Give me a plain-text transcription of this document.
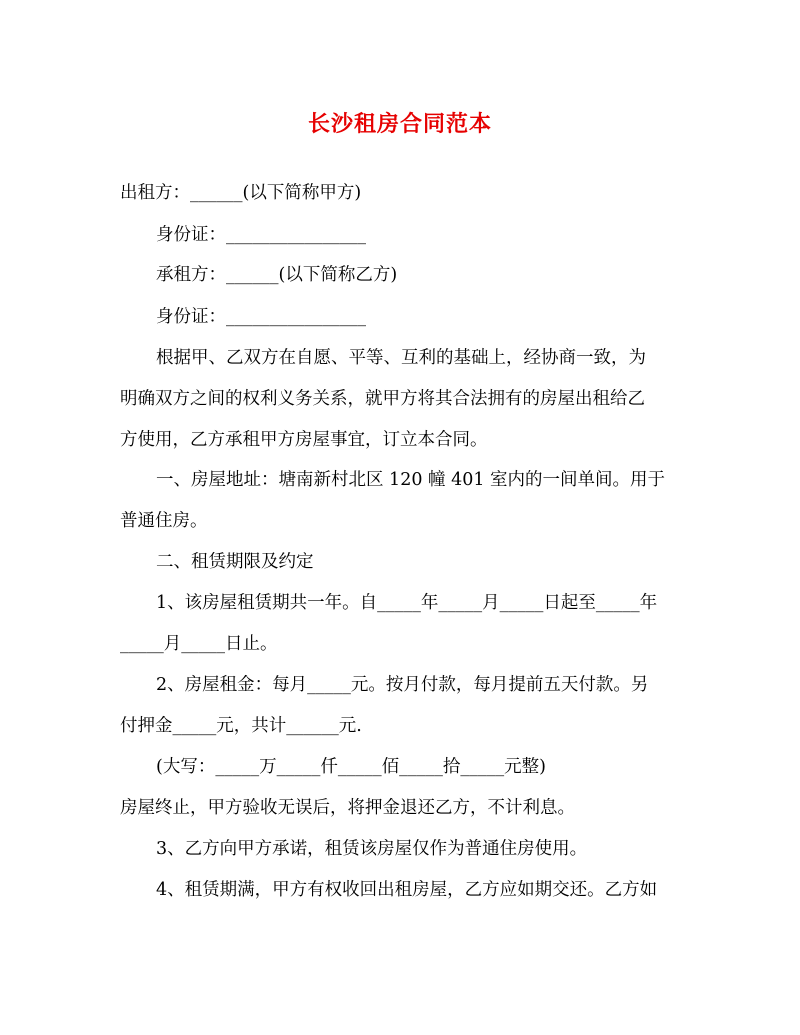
长沙租房合同范本
出租方：______(以下简称甲方)
身份证：________________
承租方：______(以下简称乙方)
身份证：________________
根据甲、乙双方在自愿、平等、互利的基础上，经协商一致，为
明确双方之间的权利义务关系，就甲方将其合法拥有的房屋出租给乙
方使用，乙方承租甲方房屋事宜，订立本合同。
一、房屋地址：塘南新村北区 120 幢 401 室内的一间单间。用于
普通住房。
二、租赁期限及约定
1、该房屋租赁期共一年。自_____年_____月_____日起至_____年
_____月_____日止。
2、房屋租金：每月_____元。按月付款，每月提前五天付款。另
付押金_____元，共计______元.
(大写：_____万_____仟_____佰_____拾_____元整)
房屋终止，甲方验收无误后，将押金退还乙方，不计利息。
3、乙方向甲方承诺，租赁该房屋仅作为普通住房使用。
4、租赁期满，甲方有权收回出租房屋，乙方应如期交还。乙方如
